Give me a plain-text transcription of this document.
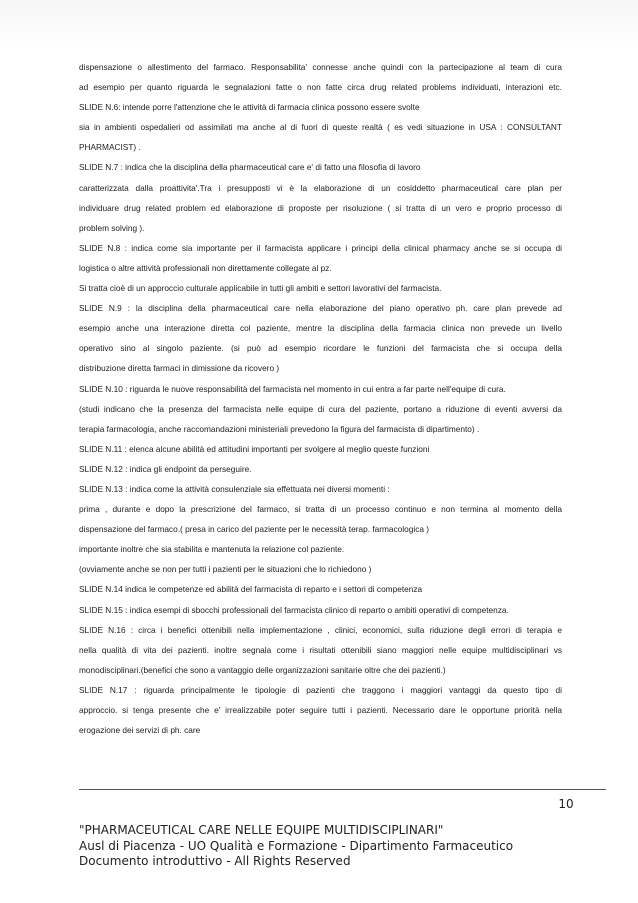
dispensazione o allestimento del farmaco. Responsabilita' connesse anche quindi con la partecipazione al team di cura

ad esempio per quanto riguarda le segnalazioni fatte o non fatte circa drug related problems individuati, interazioni etc.

SLIDE N.6: intende porre l'attenzione che le attività di farmacia clinica possono essere svolte

sia in ambienti ospedalieri od assimilati ma anche al di fuori di queste realtà ( es vedi situazione in USA : CONSULTANT

PHARMACIST) .

SLIDE N.7 : indica che la disciplina della pharmaceutical care e' di fatto una filosofia di lavoro

caratterizzata dalla proattivita'.Tra i presupposti vi è la elaborazione di un cosiddetto pharmaceutical care plan per

individuare drug related problem ed elaborazione di proposte per risoluzione ( si tratta di un vero e proprio processo di

problem solving ).

SLIDE N.8 : indica come sia importante per il farmacista applicare i principi della clinical pharmacy anche se si occupa di

logistica o altre attività professionali non direttamente collegate al pz.

Si tratta cioè di un approccio culturale applicabile in tutti gli ambiti e settori lavorativi del farmacista.

SLIDE N.9 : la disciplina della pharmaceutical care nella elaborazione del piano operativo ph. care plan prevede ad

esempio anche una interazione diretta col paziente, mentre la disciplina della farmacia clinica non prevede un livello

operativo sino al singolo paziente. (si può ad esempio ricordare le funzioni del farmacista che si occupa della

distribuzione diretta farmaci in dimissione da ricovero )

SLIDE N.10 : riguarda le nuove responsabilità del farmacista nel momento in cui entra a far parte nell'equipe di cura.

(studi indicano che la presenza del farmacista nelle equipe di cura del paziente, portano a riduzione di eventi avversi da

terapia farmacologia, anche raccomandazioni ministeriali prevedono la figura del farmacista di dipartimento) .

SLIDE N.11 : elenca alcune abilità ed attitudini importanti per svolgere al meglio queste funzioni

SLIDE N.12 : indica gli endpoint da perseguire.

SLIDE N.13 : indica come la attività consulenziale sia effettuata nei diversi momenti :

prima , durante e dopo la prescrizione del farmaco, si tratta di un processo continuo e non termina al momento della

dispensazione del farmaco.( presa in carico del paziente per le necessità terap. farmacologica )

importante inoltre che sia stabilita e mantenuta la relazione col paziente.

(ovviamente anche se non per tutti i pazienti per le situazioni che lo richiedono )

SLIDE N.14 indica le competenze ed abilità del farmacista di reparto e i settori di competenza

SLIDE N.15 : indica esempi di sbocchi professionali del farmacista clinico di reparto o ambiti operativi di competenza.

SLIDE N.16 : circa i benefici ottenibili nella implementazione , clinici, economici, sulla riduzione degli errori di terapia e

nella qualità di vita dei pazienti. inoltre segnala come i risultati ottenibili siano maggiori nelle equipe multidisciplinari vs

monodisciplinari.(benefici che sono a vantaggio delle organizzazioni sanitarie oltre che dei pazienti.)

SLIDE N.17 : riguarda principalmente le tipologie di pazienti che traggono i maggiori vantaggi da questo tipo di

approccio. si tenga presente che e' irrealizzabile poter seguire tutti i pazienti. Necessario dare le opportune priorità nella

erogazione dei servizi di ph. care

10
"PHARMACEUTICAL CARE NELLE EQUIPE MULTIDISCIPLINARI"
Ausl di Piacenza - UO Qualità e Formazione - Dipartimento Farmaceutico
Documento introduttivo - All Rights Reserved
